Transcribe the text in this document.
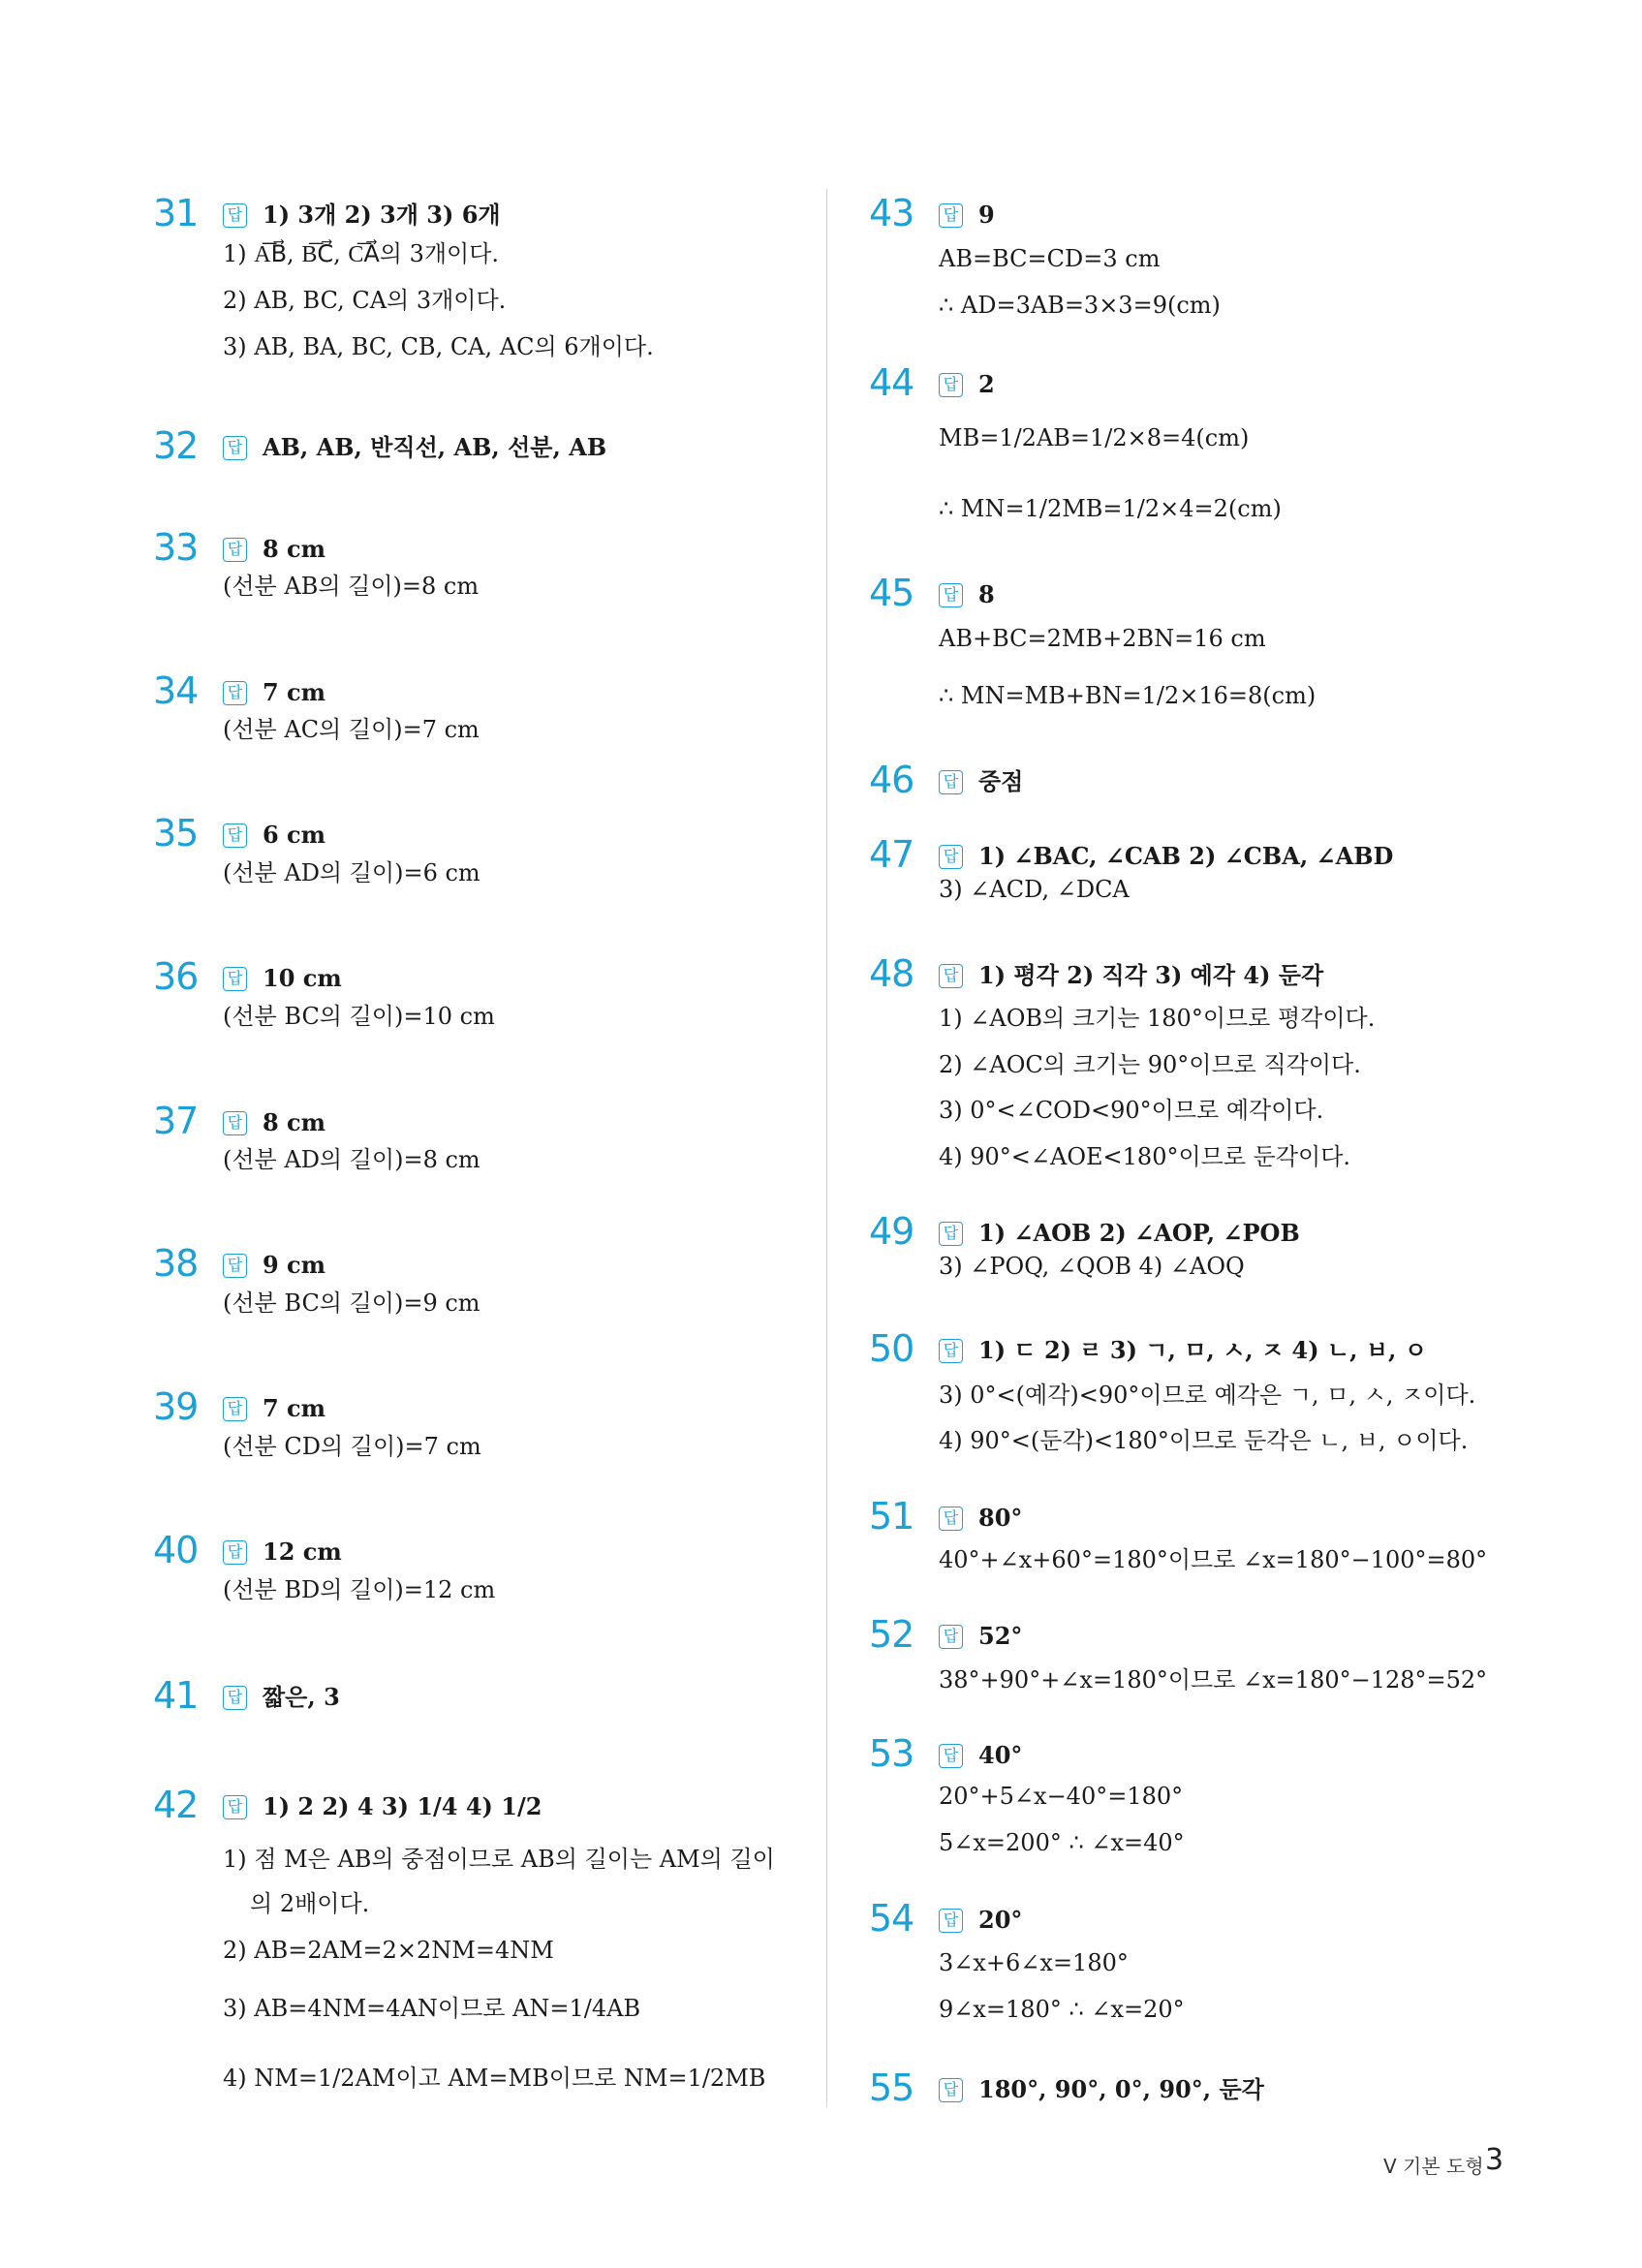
31 답 1) 3개 2) 3개 3) 6개
1) A͞͞B⃗, B͞C⃗, C͞A⃗의 3개이다.
2) AB, BC, CA의 3개이다.
3) AB, BA, BC, CB, CA, AC의 6개이다.
32 답 AB, AB, 반직선, AB, 선분, AB
33 답 8 cm
(선분 AB의 길이)=8 cm
34 답 7 cm
(선분 AC의 길이)=7 cm
35 답 6 cm
(선분 AD의 길이)=6 cm
36 답 10 cm
(선분 BC의 길이)=10 cm
37 답 8 cm
(선분 AD의 길이)=8 cm
38 답 9 cm
(선분 BC의 길이)=9 cm
39 답 7 cm
(선분 CD의 길이)=7 cm
40 답 12 cm
(선분 BD의 길이)=12 cm
41 답 짧은, 3
42 답 1) 2 2) 4 3) 1/4 4) 1/2
1) 점 M은 AB의 중점이므로 AB의 길이는 AM의 길이
의 2배이다.
2) AB=2AM=2×2NM=4NM
3) AB=4NM=4AN이므로 AN=1/4AB
4) NM=1/2AM이고 AM=MB이므로 NM=1/2MB
43 답 9
AB=BC=CD=3 cm
∴ AD=3AB=3×3=9(cm)
44 답 2
MB=1/2AB=1/2×8=4(cm)
∴ MN=1/2MB=1/2×4=2(cm)
45 답 8
AB+BC=2MB+2BN=16 cm
∴ MN=MB+BN=1/2×16=8(cm)
46 답 중점
47 답 1) ∠BAC, ∠CAB 2) ∠CBA, ∠ABD
3) ∠ACD, ∠DCA
48 답 1) 평각 2) 직각 3) 예각 4) 둔각
1) ∠AOB의 크기는 180°이므로 평각이다.
2) ∠AOC의 크기는 90°이므로 직각이다.
3) 0°<∠COD<90°이므로 예각이다.
4) 90°<∠AOE<180°이므로 둔각이다.
49 답 1) ∠AOB 2) ∠AOP, ∠POB
3) ∠POQ, ∠QOB 4) ∠AOQ
50 답 1) ㄷ 2) ㄹ 3) ㄱ, ㅁ, ㅅ, ㅈ 4) ㄴ, ㅂ, ㅇ
3) 0°<(예각)<90°이므로 예각은 ㄱ, ㅁ, ㅅ, ㅈ이다.
4) 90°<(둔각)<180°이므로 둔각은 ㄴ, ㅂ, ㅇ이다.
51 답 80°
40°+∠x+60°=180°이므로 ∠x=180°−100°=80°
52 답 52°
38°+90°+∠x=180°이므로 ∠x=180°−128°=52°
53 답 40°
20°+5∠x−40°=180°
5∠x=200° ∴ ∠x=40°
54 답 20°
3∠x+6∠x=180°
9∠x=180° ∴ ∠x=20°
55 답 180°, 90°, 0°, 90°, 둔각
Ⅴ 기본 도형 3
